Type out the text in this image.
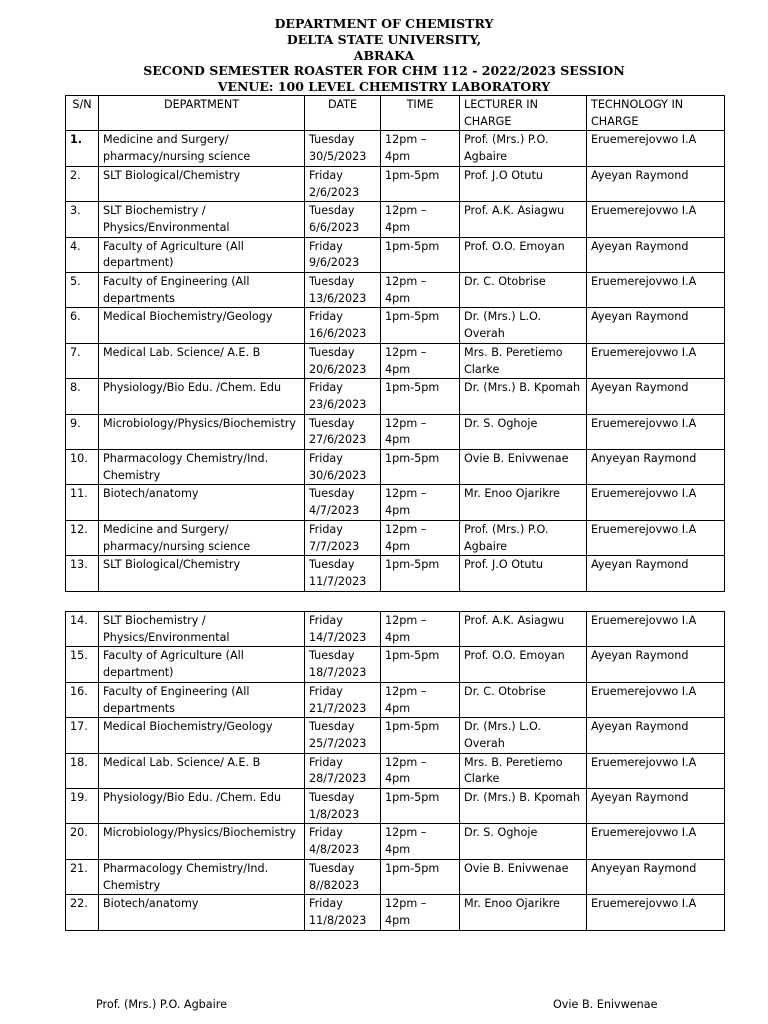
DEPARTMENT OF CHEMISTRY
DELTA STATE UNIVERSITY,
ABRAKA
SECOND SEMESTER ROASTER FOR CHM 112 - 2022/2023 SESSION
VENUE: 100 LEVEL CHEMISTRY LABORATORY
S/N	DEPARTMENT	DATE	TIME	LECTURER IN CHARGE	TECHNOLOGY IN CHARGE
1.	Medicine and Surgery/ pharmacy/nursing science	Tuesday 30/5/2023	12pm – 4pm	Prof. (Mrs.) P.O. Agbaire	Eruemerejovwo I.A
2.	SLT Biological/Chemistry	Friday 2/6/2023	1pm-5pm	Prof. J.O Otutu	Ayeyan Raymond
3.	SLT Biochemistry / Physics/Environmental	Tuesday 6/6/2023	12pm – 4pm	Prof. A.K. Asiagwu	Eruemerejovwo I.A
4.	Faculty of Agriculture (All department)	Friday 9/6/2023	1pm-5pm	Prof. O.O. Emoyan	Ayeyan Raymond
5.	Faculty of Engineering (All departments	Tuesday 13/6/2023	12pm – 4pm	Dr. C. Otobrise	Eruemerejovwo I.A
6.	Medical Biochemistry/Geology	Friday 16/6/2023	1pm-5pm	Dr. (Mrs.) L.O. Overah	Ayeyan Raymond
7.	Medical Lab. Science/ A.E. B	Tuesday 20/6/2023	12pm – 4pm	Mrs. B. Peretiemo Clarke	Eruemerejovwo I.A
8.	Physiology/Bio Edu. /Chem. Edu	Friday 23/6/2023	1pm-5pm	Dr. (Mrs.) B. Kpomah	Ayeyan Raymond
9.	Microbiology/Physics/Biochemistry	Tuesday 27/6/2023	12pm – 4pm	Dr. S. Oghoje	Eruemerejovwo I.A
10.	Pharmacology Chemistry/Ind. Chemistry	Friday 30/6/2023	1pm-5pm	Ovie B. Enivwenae	Anyeyan Raymond
11.	Biotech/anatomy	Tuesday 4/7/2023	12pm – 4pm	Mr. Enoo Ojarikre	Eruemerejovwo I.A
12.	Medicine and Surgery/ pharmacy/nursing science	Friday 7/7/2023	12pm – 4pm	Prof. (Mrs.) P.O. Agbaire	Eruemerejovwo I.A
13.	SLT Biological/Chemistry	Tuesday 11/7/2023	1pm-5pm	Prof. J.O Otutu	Ayeyan Raymond
14.	SLT Biochemistry / Physics/Environmental	Friday 14/7/2023	12pm – 4pm	Prof. A.K. Asiagwu	Eruemerejovwo I.A
15.	Faculty of Agriculture (All department)	Tuesday 18/7/2023	1pm-5pm	Prof. O.O. Emoyan	Ayeyan Raymond
16.	Faculty of Engineering (All departments	Friday 21/7/2023	12pm – 4pm	Dr. C. Otobrise	Eruemerejovwo I.A
17.	Medical Biochemistry/Geology	Tuesday 25/7/2023	1pm-5pm	Dr. (Mrs.) L.O. Overah	Ayeyan Raymond
18.	Medical Lab. Science/ A.E. B	Friday 28/7/2023	12pm – 4pm	Mrs. B. Peretiemo Clarke	Eruemerejovwo I.A
19.	Physiology/Bio Edu. /Chem. Edu	Tuesday 1/8/2023	1pm-5pm	Dr. (Mrs.) B. Kpomah	Ayeyan Raymond
20.	Microbiology/Physics/Biochemistry	Friday 4/8/2023	12pm – 4pm	Dr. S. Oghoje	Eruemerejovwo I.A
21.	Pharmacology Chemistry/Ind. Chemistry	Tuesday 8//82023	1pm-5pm	Ovie B. Enivwenae	Anyeyan Raymond
22.	Biotech/anatomy	Friday 11/8/2023	12pm – 4pm	Mr. Enoo Ojarikre	Eruemerejovwo I.A
Prof. (Mrs.) P.O. Agbaire	Ovie B. Enivwenae
